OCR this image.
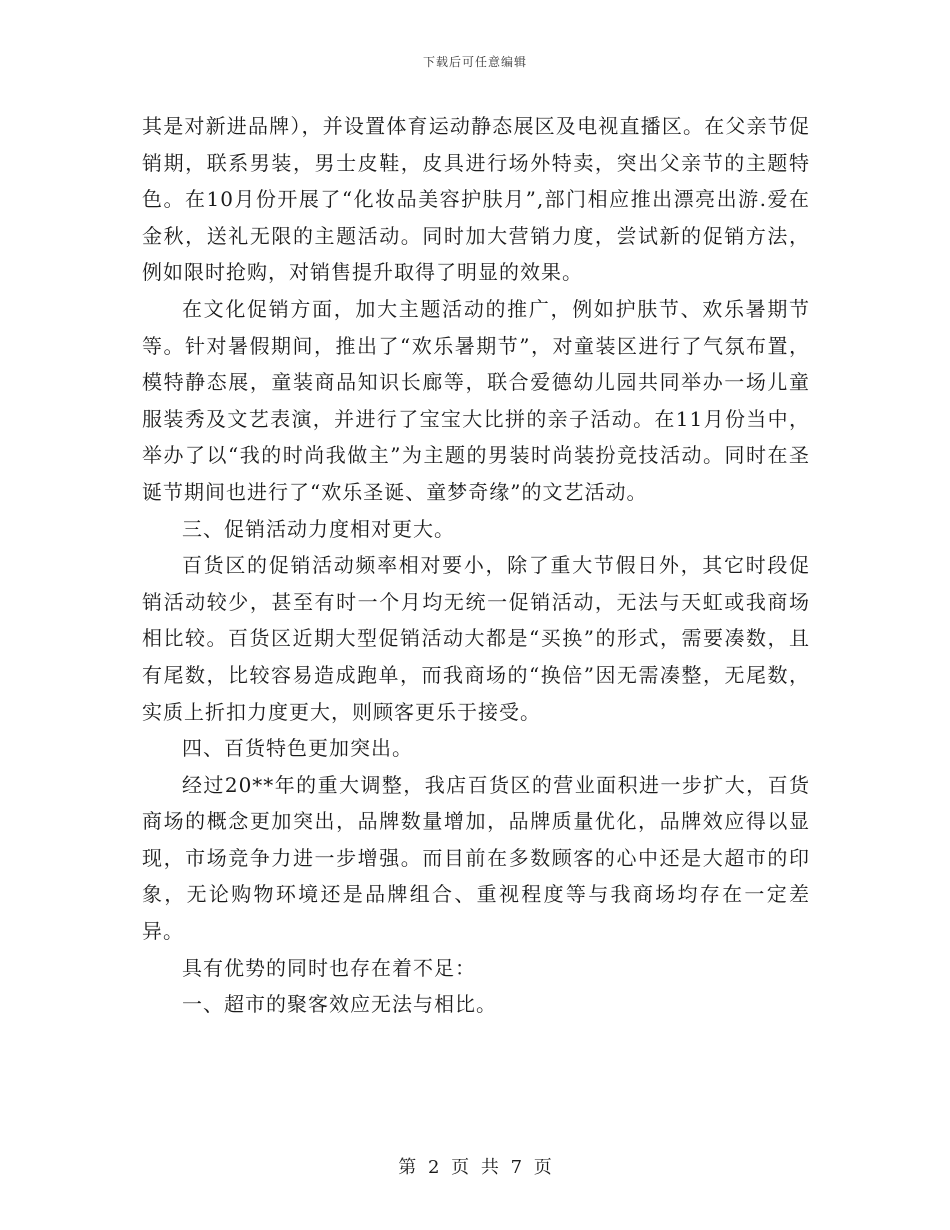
下载后可任意编辑

其是对新进品牌），并设置体育运动静态展区及电视直播区。在父亲节促销期，联系男装，男士皮鞋，皮具进行场外特卖，突出父亲节的主题特色。在10月份开展了“化妆品美容护肤月”,部门相应推出漂亮出游.爱在金秋，送礼无限的主题活动。同时加大营销力度，尝试新的促销方法，例如限时抢购，对销售提升取得了明显的效果。

在文化促销方面，加大主题活动的推广，例如护肤节、欢乐暑期节等。针对暑假期间，推出了“欢乐暑期节”，对童装区进行了气氛布置，模特静态展，童装商品知识长廊等，联合爱德幼儿园共同举办一场儿童服装秀及文艺表演，并进行了宝宝大比拼的亲子活动。在11月份当中，举办了以“我的时尚我做主”为主题的男装时尚装扮竞技活动。同时在圣诞节期间也进行了“欢乐圣诞、童梦奇缘”的文艺活动。

三、促销活动力度相对更大。

百货区的促销活动频率相对要小，除了重大节假日外，其它时段促销活动较少，甚至有时一个月均无统一促销活动，无法与天虹或我商场相比较。百货区近期大型促销活动大都是“买换”的形式，需要凑数，且有尾数，比较容易造成跑单，而我商场的“换倍”因无需凑整，无尾数，实质上折扣力度更大，则顾客更乐于接受。

四、百货特色更加突出。

经过20**年的重大调整，我店百货区的营业面积进一步扩大，百货商场的概念更加突出，品牌数量增加，品牌质量优化，品牌效应得以显现，市场竞争力进一步增强。而目前在多数顾客的心中还是大超市的印象，无论购物环境还是品牌组合、重视程度等与我商场均存在一定差异。

具有优势的同时也存在着不足：

一、超市的聚客效应无法与相比。

第 2 页 共 7 页
